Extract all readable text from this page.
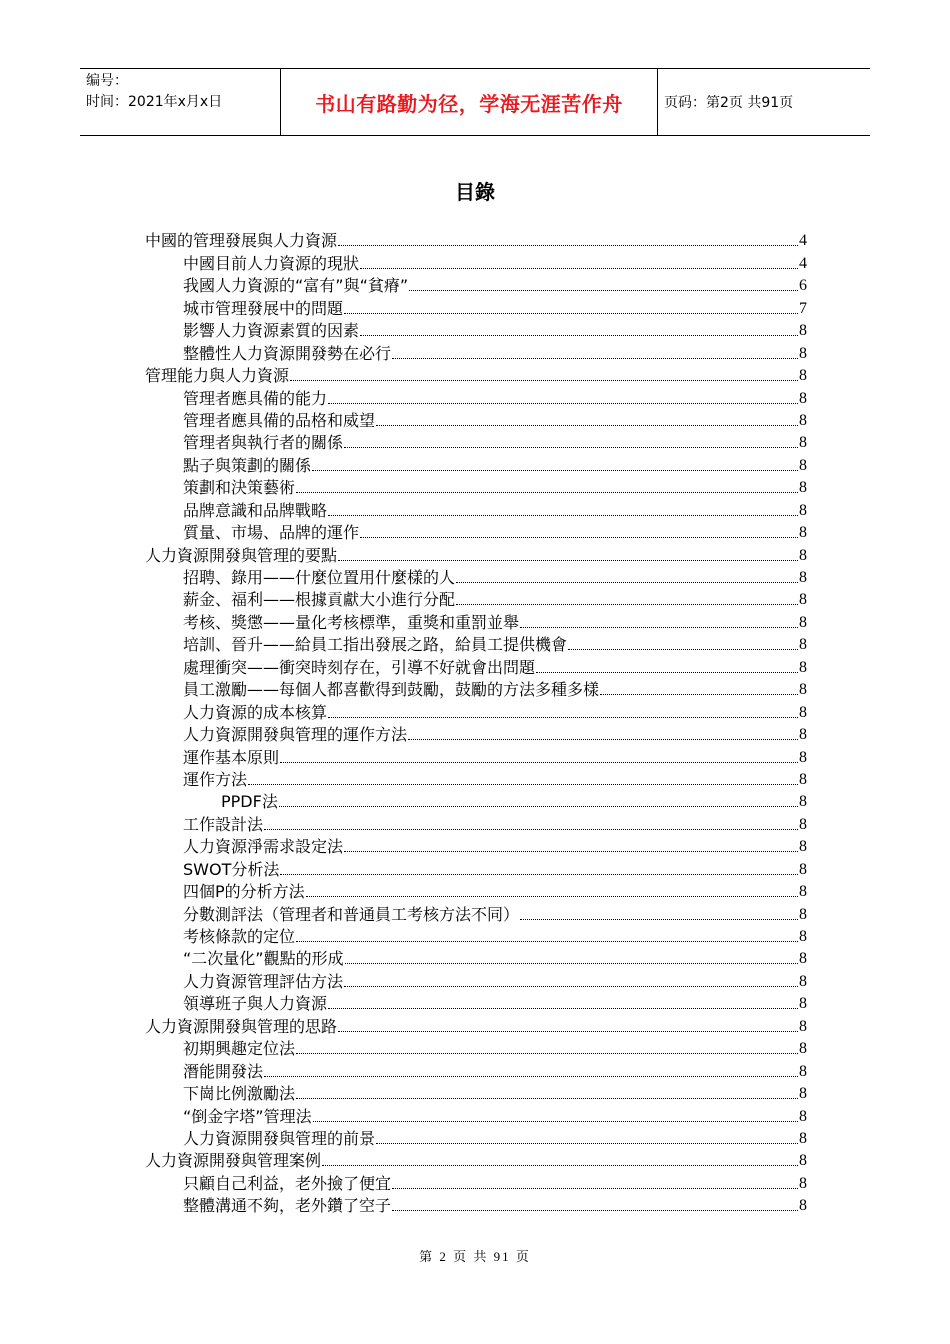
编号：
时间：2021年x月x日	书山有路勤为径，学海无涯苦作舟	页码：第2页 共91页
目錄
中國的管理發展與人力資源	4
中國目前人力資源的現狀	4
我國人力資源的“富有”與“貧瘠”	6
城市管理發展中的問題	7
影響人力資源素質的因素	8
整體性人力資源開發勢在必行	8
管理能力與人力資源	8
管理者應具備的能力	8
管理者應具備的品格和威望	8
管理者與執行者的關係	8
點子與策劃的關係	8
策劃和決策藝術	8
品牌意識和品牌戰略	8
質量、市場、品牌的運作	8
人力資源開發與管理的要點	8
招聘、錄用——什麼位置用什麼樣的人	8
薪金、福利——根據貢獻大小進行分配	8
考核、獎懲——量化考核標準，重獎和重罰並舉	8
培訓、晉升——給員工指出發展之路，給員工提供機會	8
處理衝突——衝突時刻存在，引導不好就會出問題	8
員工激勵——每個人都喜歡得到鼓勵，鼓勵的方法多種多樣	8
人力資源的成本核算	8
人力資源開發與管理的運作方法	8
運作基本原則	8
運作方法	8
PPDF法	8
工作設計法	8
人力資源淨需求設定法	8
SWOT分析法	8
四個P的分析方法	8
分數測評法（管理者和普通員工考核方法不同）	8
考核條款的定位	8
“二次量化”觀點的形成	8
人力資源管理評估方法	8
領導班子與人力資源	8
人力資源開發與管理的思路	8
初期興趣定位法	8
潛能開發法	8
下崗比例激勵法	8
“倒金字塔”管理法	8
人力資源開發與管理的前景	8
人力資源開發與管理案例	8
只顧自己利益，老外撿了便宜	8
整體溝通不夠，老外鑽了空子	8
第 2 页 共 91 页
